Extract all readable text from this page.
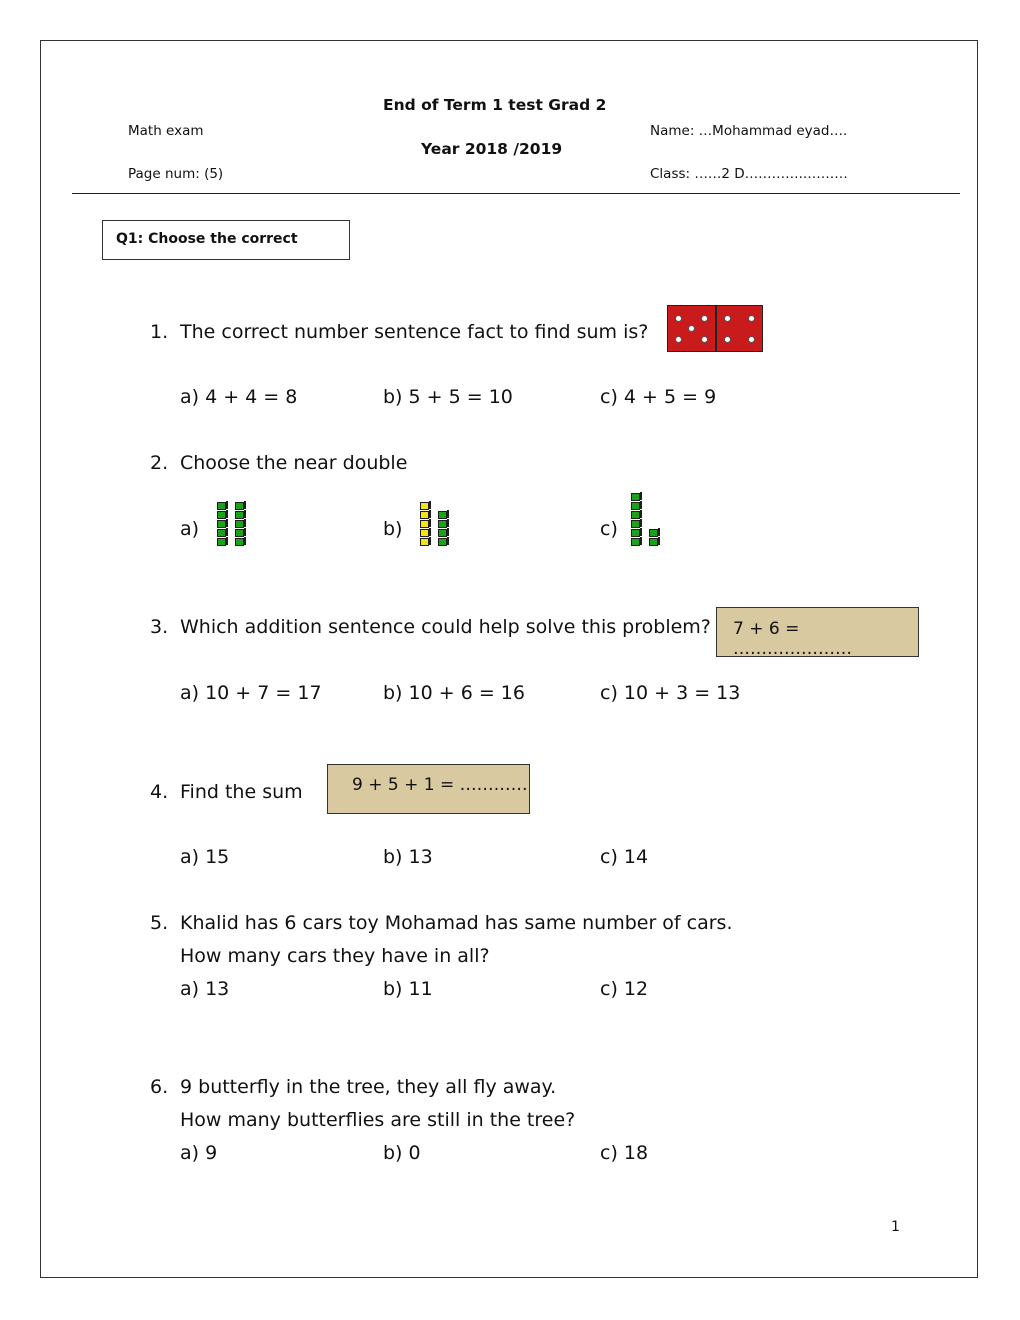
End of Term 1 test Grad 2
Math exam	Name: …Mohammad eyad….
Year 2018 /2019
Page num: (5)	Class: ……2 D…………..………
Q1: Choose the correct
1. The correct number sentence fact to find sum is?
a) 4 + 4 = 8	b) 5 + 5 = 10	c) 4 + 5 = 9
2. Choose the near double
a)	b)	c)
3. Which addition sentence could help solve this problem?	7 + 6 = …………………
a) 10 + 7 = 17	b) 10 + 6 = 16	c) 10 + 3 = 13
4. Find the sum	9 + 5 + 1 = …………
a) 15	b) 13	c) 14
5. Khalid has 6 cars toy Mohamad has same number of cars.
How many cars they have in all?
a) 13	b) 11	c) 12
6. 9 butterfly in the tree, they all fly away.
How many butterflies are still in the tree?
a) 9	b) 0	c) 18
1
